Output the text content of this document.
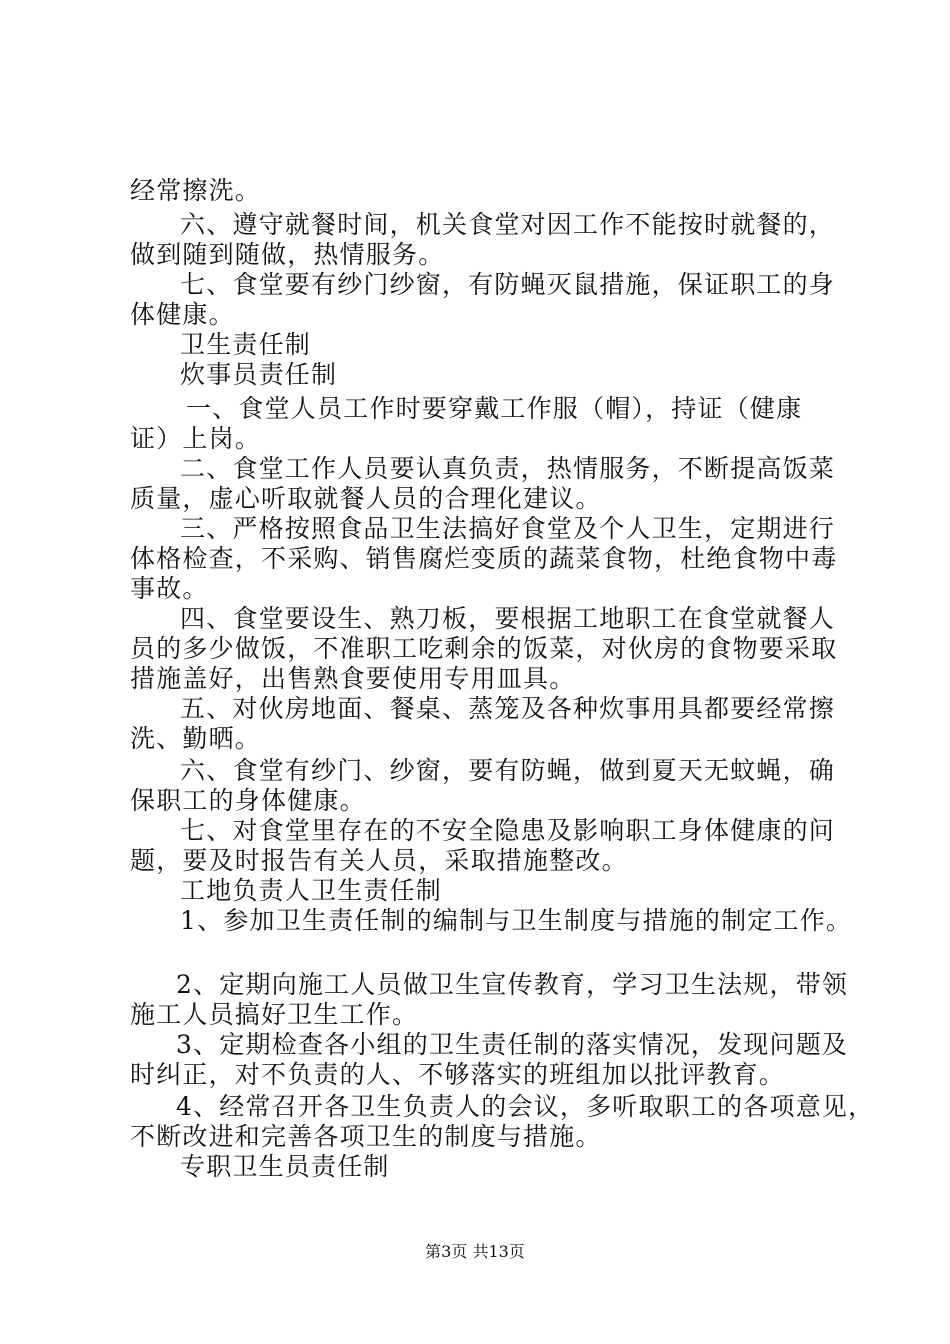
经常擦洗。
六、遵守就餐时间，机关食堂对因工作不能按时就餐的，
做到随到随做，热情服务。
七、食堂要有纱门纱窗，有防蝇灭鼠措施，保证职工的身
体健康。
卫生责任制
炊事员责任制
一、食堂人员工作时要穿戴工作服（帽），持证（健康
证）上岗。
二、食堂工作人员要认真负责，热情服务，不断提高饭菜
质量，虚心听取就餐人员的合理化建议。
三、严格按照食品卫生法搞好食堂及个人卫生，定期进行
体格检查，不采购、销售腐烂变质的蔬菜食物，杜绝食物中毒
事故。
四、食堂要设生、熟刀板，要根据工地职工在食堂就餐人
员的多少做饭，不准职工吃剩余的饭菜，对伙房的食物要采取
措施盖好，出售熟食要使用专用皿具。
五、对伙房地面、餐桌、蒸笼及各种炊事用具都要经常擦
洗、勤晒。
六、食堂有纱门、纱窗，要有防蝇，做到夏天无蚊蝇，确
保职工的身体健康。
七、对食堂里存在的不安全隐患及影响职工身体健康的问
题，要及时报告有关人员，采取措施整改。
工地负责人卫生责任制
1、参加卫生责任制的编制与卫生制度与措施的制定工作。
2、定期向施工人员做卫生宣传教育，学习卫生法规，带领
施工人员搞好卫生工作。
3、定期检查各小组的卫生责任制的落实情况，发现问题及
时纠正，对不负责的人、不够落实的班组加以批评教育。
4、经常召开各卫生负责人的会议，多听取职工的各项意见，
不断改进和完善各项卫生的制度与措施。
专职卫生员责任制
第3页 共13页
